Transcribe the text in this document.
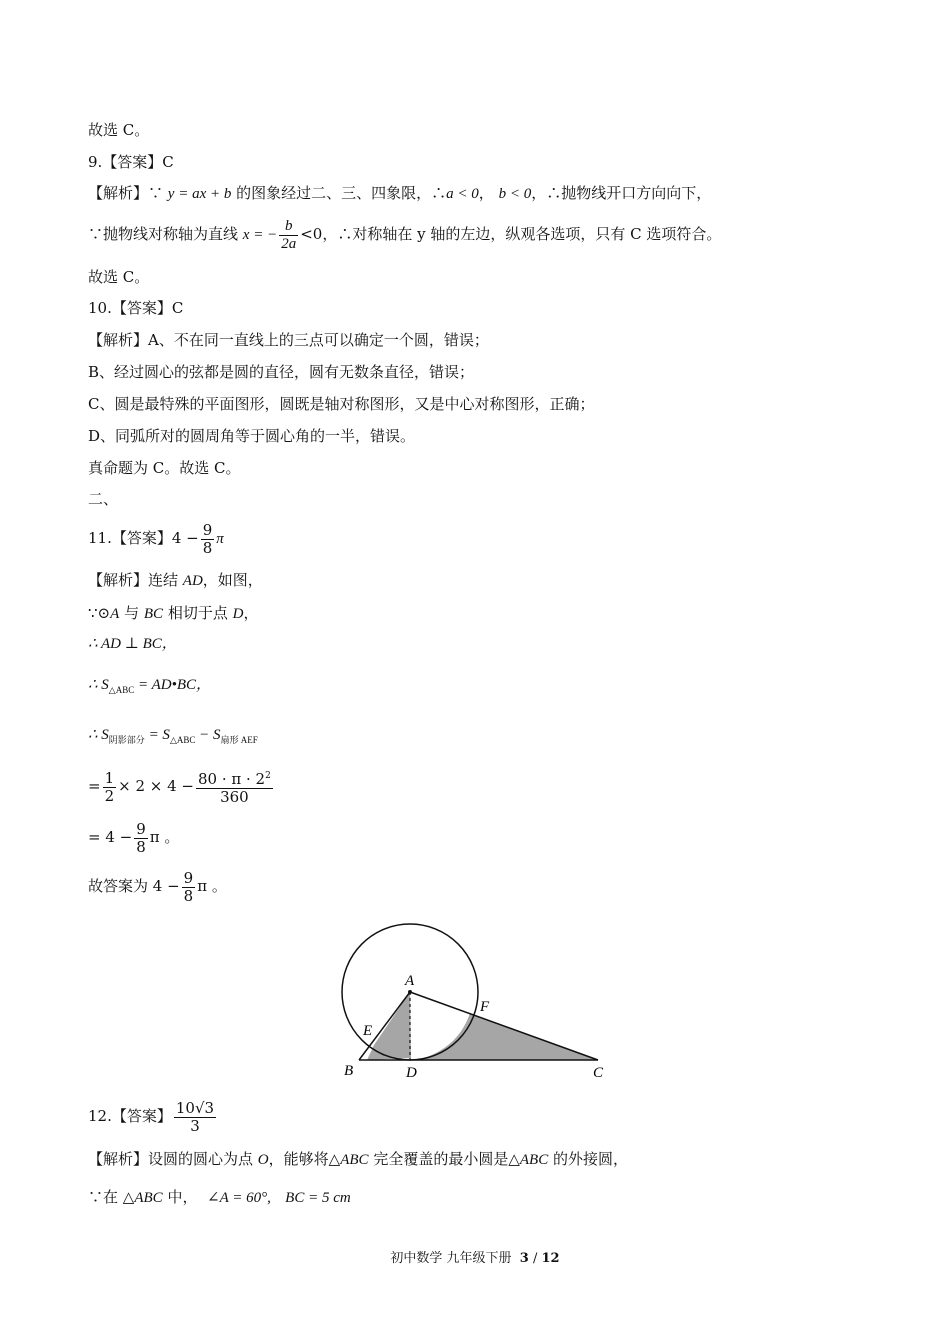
故选 C。
9.【答案】C
【解析】∵ y = ax + b 的图象经过二、三、四象限，∴a < 0， b < 0，∴抛物线开口方向向下，
∵抛物线对称轴为直线 x = − $\frac{b}{2a} <0$，∴对称轴在 y 轴的左边，纵观各选项，只有 C 选项符合。
故选 C。
10.【答案】C
【解析】A、不在同一直线上的三点可以确定一个圆，错误；
B、经过圆心的弦都是圆的直径，圆有无数条直径，错误；
C、圆是最特殊的平面图形，圆既是轴对称图形，又是中心对称图形，正确；
D、同弧所对的圆周角等于圆心角的一半，错误。
真命题为 C。故选 C。
二、
11.【答案】$4 - \frac{9}{8}$ π
【解析】连结 AD，如图，
∵⊙A 与 BC 相切于点 D，
∴ AD ⊥ BC，
∴ $S_{\triangle ABC}$ = AD•BC，
∴ $S_{阴影部分} = S_{\triangle ABC} - S_{扇形 AEF}$
= $\frac{1}{2} \times 2 \times 4 - \frac{80 \cdot \pi \cdot 2^2}{360}$
= $4 - \frac{9}{8}$ π 。
故答案为 $4 - \frac{9}{8}$ π 。
A
B	C
D
E
F
12.【答案】 $\frac{10√3}{3}$
【解析】设圆的圆心为点 O，能够将△ABC 完全覆盖的最小圆是△ABC 的外接圆，
∵在 △ABC 中， ∠A = 60°, BC = 5 cm
初中数学 九年级下册 3 / 12
